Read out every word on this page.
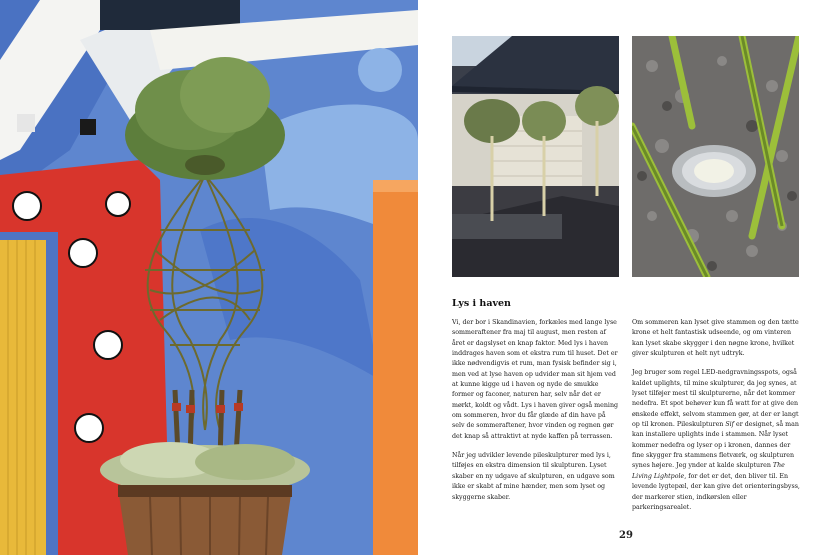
Lys i haven

Vi, der bor i Skandinavien, forkæles med lange lyse sommeraftener fra maj til august, men resten af året er dagslyset en knap faktor. Med lys i haven inddrages haven som et ekstra rum til huset. Det er ikke nødvendigvis et rum, man fysisk befinder sig i, men ved at lyse haven op udvider man sit hjem ved at kunne kigge ud i haven og nyde de smukke former og faconer, naturen har, selv når det er mørkt, koldt og vådt. Lys i haven giver også mening om sommeren, hvor du får glæde af din have på selv de sommeraftener, hvor vinden og regnen gør det knap så attraktivt at nyde kaffen på terrassen.

Når jeg udvikler levende pileskulpturer med lys i, tilføjes en ekstra dimension til skulpturen. Lyset skaber en ny udgave af skulpturen, en udgave som ikke er skabt af mine hænder, men som lyset og skyggerne skaber.

Om sommeren kan lyset give stammen og den tætte krone et helt fantastisk udseende, og om vinteren kan lyset skabe skygger i den nøgne krone, hvilket giver skulpturen et helt nyt udtryk.

Jeg bruger som regel LED-nedgravningsspots, også kaldet uplights, til mine skulpturer, da jeg synes, at lyset tilføjer mest til skulpturerne, når det kommer nedefra. Et spot behøver kun få watt for at give den ønskede effekt, selvom stammen gør, at der er langt op til kronen. Pileskulpturen Sif er designet, så man kan installere uplights inde i stammen. Når lyset kommer nedefra og lyser op i kronen, dannes der fine skygger fra stammens fletværk, og skulpturen synes højere. Jeg ynder at kalde skulpturen The Living Lightpole, for det er det, den bliver til. En levende lygtepæl, der kan give det orienteringsbyss, der markerer stien, indkørslen eller parkeringsarealet.

29
